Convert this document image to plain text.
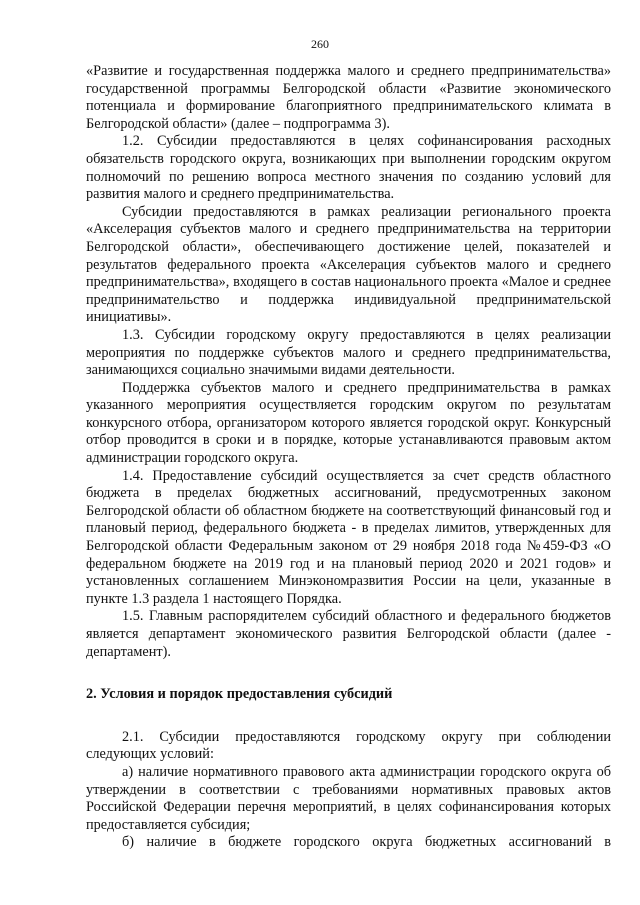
260

«Развитие и государственная поддержка малого и среднего предпринимательства» государственной программы Белгородской области «Развитие экономического потенциала и формирование благоприятного предпринимательского климата в Белгородской области» (далее – подпрограмма 3).

1.2. Субсидии предоставляются в целях софинансирования расходных обязательств городского округа, возникающих при выполнении городским округом полномочий по решению вопроса местного значения по созданию условий для развития малого и среднего предпринимательства.

Субсидии предоставляются в рамках реализации регионального проекта «Акселерация субъектов малого и среднего предпринимательства на территории Белгородской области», обеспечивающего достижение целей, показателей и результатов федерального проекта «Акселерация субъектов малого и среднего предпринимательства», входящего в состав национального проекта «Малое и среднее предпринимательство и поддержка индивидуальной предпринимательской инициативы».

1.3. Субсидии городскому округу предоставляются в целях реализации мероприятия по поддержке субъектов малого и среднего предпринимательства, занимающихся социально значимыми видами деятельности.

Поддержка субъектов малого и среднего предпринимательства в рамках указанного мероприятия осуществляется городским округом по результатам конкурсного отбора, организатором которого является городской округ. Конкурсный отбор проводится в сроки и в порядке, которые устанавливаются правовым актом администрации городского округа.

1.4. Предоставление субсидий осуществляется за счет средств областного бюджета в пределах бюджетных ассигнований, предусмотренных законом Белгородской области об областном бюджете на соответствующий финансовый год и плановый период, федерального бюджета - в пределах лимитов, утвержденных для Белгородской области Федеральным законом от 29 ноября 2018 года №459-ФЗ «О федеральном бюджете на 2019 год и на плановый период 2020 и 2021 годов» и установленных соглашением Минэкономразвития России на цели, указанные в пункте 1.3 раздела 1 настоящего Порядка.

1.5. Главным распорядителем субсидий областного и федерального бюджетов является департамент экономического развития Белгородской области (далее - департамент).

2. Условия и порядок предоставления субсидий

2.1. Субсидии предоставляются городскому округу при соблюдении следующих условий:

а) наличие нормативного правового акта администрации городского округа об утверждении в соответствии с требованиями нормативных правовых актов Российской Федерации перечня мероприятий, в целях софинансирования которых предоставляется субсидия;

б) наличие в бюджете городского округа бюджетных ассигнований в
